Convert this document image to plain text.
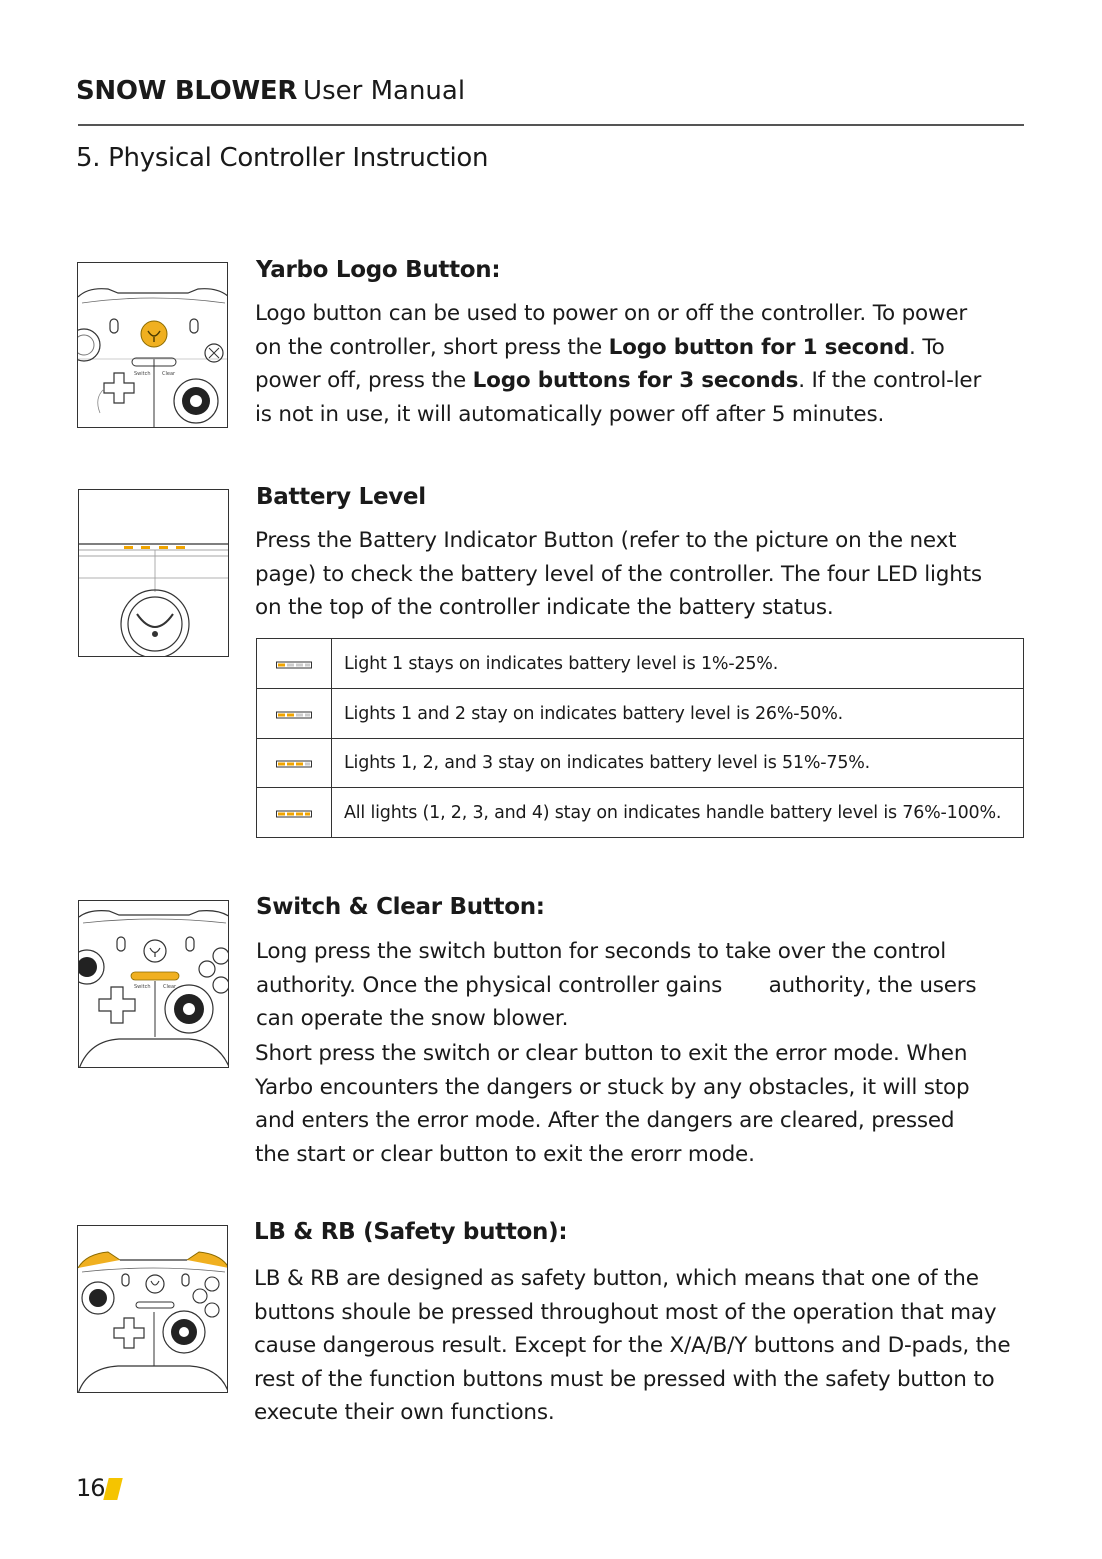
SNOW BLOWER User Manual
5. Physical Controller Instruction
Switch Clear
Yarbo Logo Button:
Logo button can be used to power on or off the controller. To power on the controller, short press the Logo button for 1 second. To power off, press the Logo buttons for 3 seconds. If the control-ler is not in use, it will automatically power off after 5 minutes.
Battery Level
Press the Battery Indicator Button (refer to the picture on the next page) to check the battery level of the controller. The four LED lights on the top of the controller indicate the battery status.
	Light 1 stays on indicates battery level is 1%-25%.
	Lights 1 and 2 stay on indicates battery level is 26%-50%.
	Lights 1, 2, and 3 stay on indicates battery level is 51%-75%.
	All lights (1, 2, 3, and 4) stay on indicates handle battery level is 76%-100%.
Switch Clear
Switch & Clear Button:
Long press the switch button for seconds to take over the control authority. Once the physical controller gains       authority, the users can operate the snow blower.
Short press the switch or clear button to exit the error mode. When Yarbo encounters the dangers or stuck by any obstacles, it will stop and enters the error mode. After the dangers are cleared, pressed the start or clear button to exit the erorr mode.
LB & RB (Safety button):
LB & RB are designed as safety button, which means that one of the buttons shoule be pressed throughout most of the operation that may cause dangerous result. Except for the X/A/B/Y buttons and D-pads, the rest of the function buttons must be pressed with the safety button to execute their own functions.
16
